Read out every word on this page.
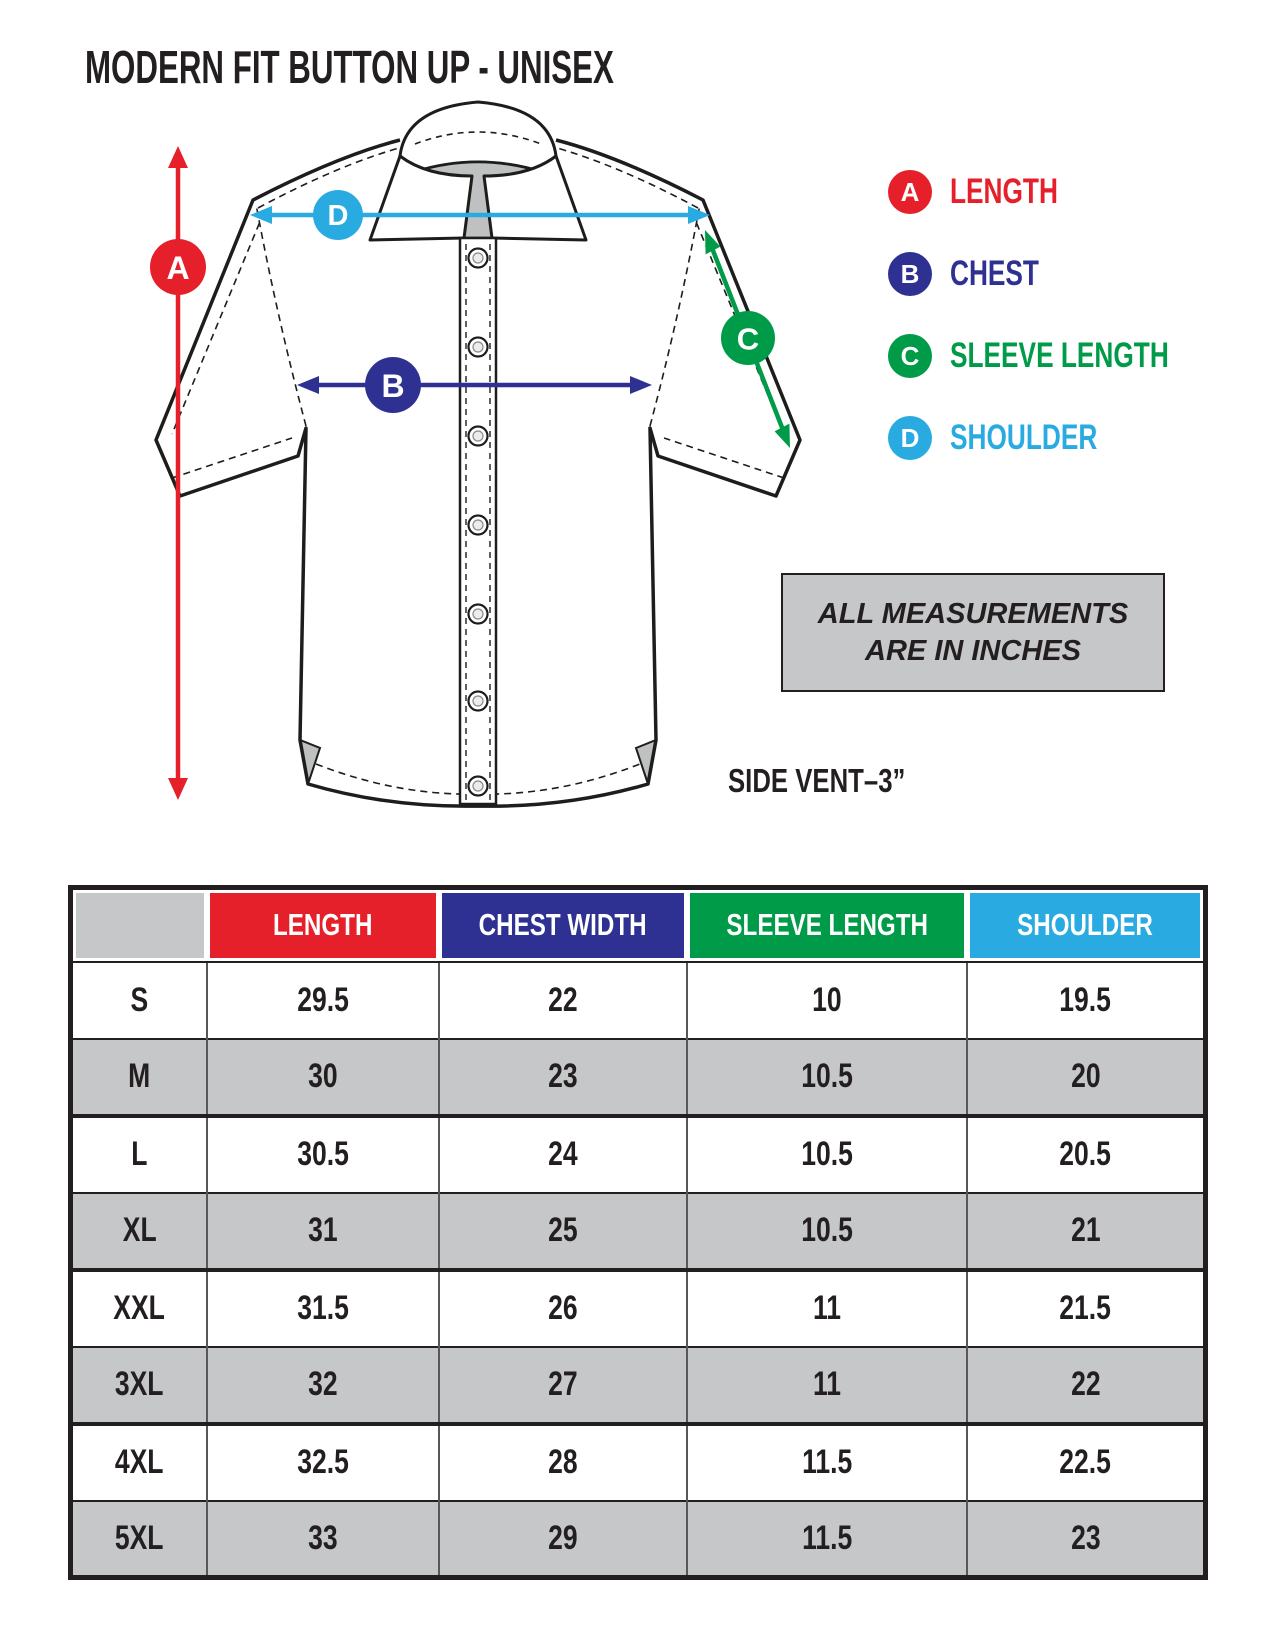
MODERN FIT BUTTON UP - UNISEX
A
D
B
C
A LENGTH
B CHEST
C SLEEVE LENGTH
D SHOULDER
ALL MEASUREMENTS
ARE IN INCHES
SIDE VENT–3”

	LENGTH	CHEST WIDTH	SLEEVE LENGTH	SHOULDER

S	29.5	22	10	19.5
M	30	23	10.5	20
L	30.5	24	10.5	20.5
XL	31	25	10.5	21
XXL	31.5	26	11	21.5
3XL	32	27	11	22
4XL	32.5	28	11.5	22.5
5XL	33	29	11.5	23
